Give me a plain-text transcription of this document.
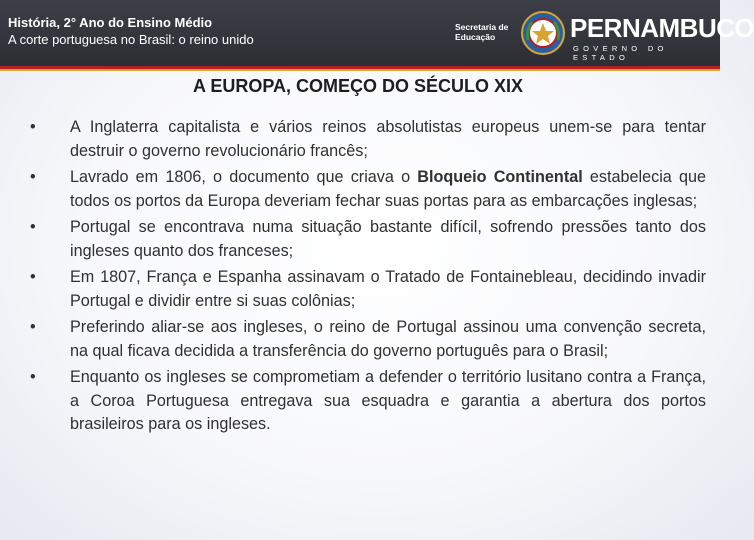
História, 2° Ano do Ensino Médio
A corte portuguesa no Brasil: o reino unido
Secretaria de
Educação	PERNAMBUCO
GOVERNO DO ESTADO
A EUROPA, COMEÇO DO SÉCULO XIX
• A Inglaterra capitalista e vários reinos absolutistas europeus unem-se para tentar destruir o governo revolucionário francês;
• Lavrado em 1806, o documento que criava o Bloqueio Continental estabelecia que todos os portos da Europa deveriam fechar suas portas para as embarcações inglesas;
• Portugal se encontrava numa situação bastante difícil, sofrendo pressões tanto dos ingleses quanto dos franceses;
• Em 1807, França e Espanha assinavam o Tratado de Fontainebleau, decidindo invadir Portugal e dividir entre si suas colônias;
• Preferindo aliar-se aos ingleses, o reino de Portugal assinou uma convenção secreta, na qual ficava decidida a transferência do governo português para o Brasil;
• Enquanto os ingleses se comprometiam a defender o território lusitano contra a França, a Coroa Portuguesa entregava sua esquadra e garantia a abertura dos portos brasileiros para os ingleses.
